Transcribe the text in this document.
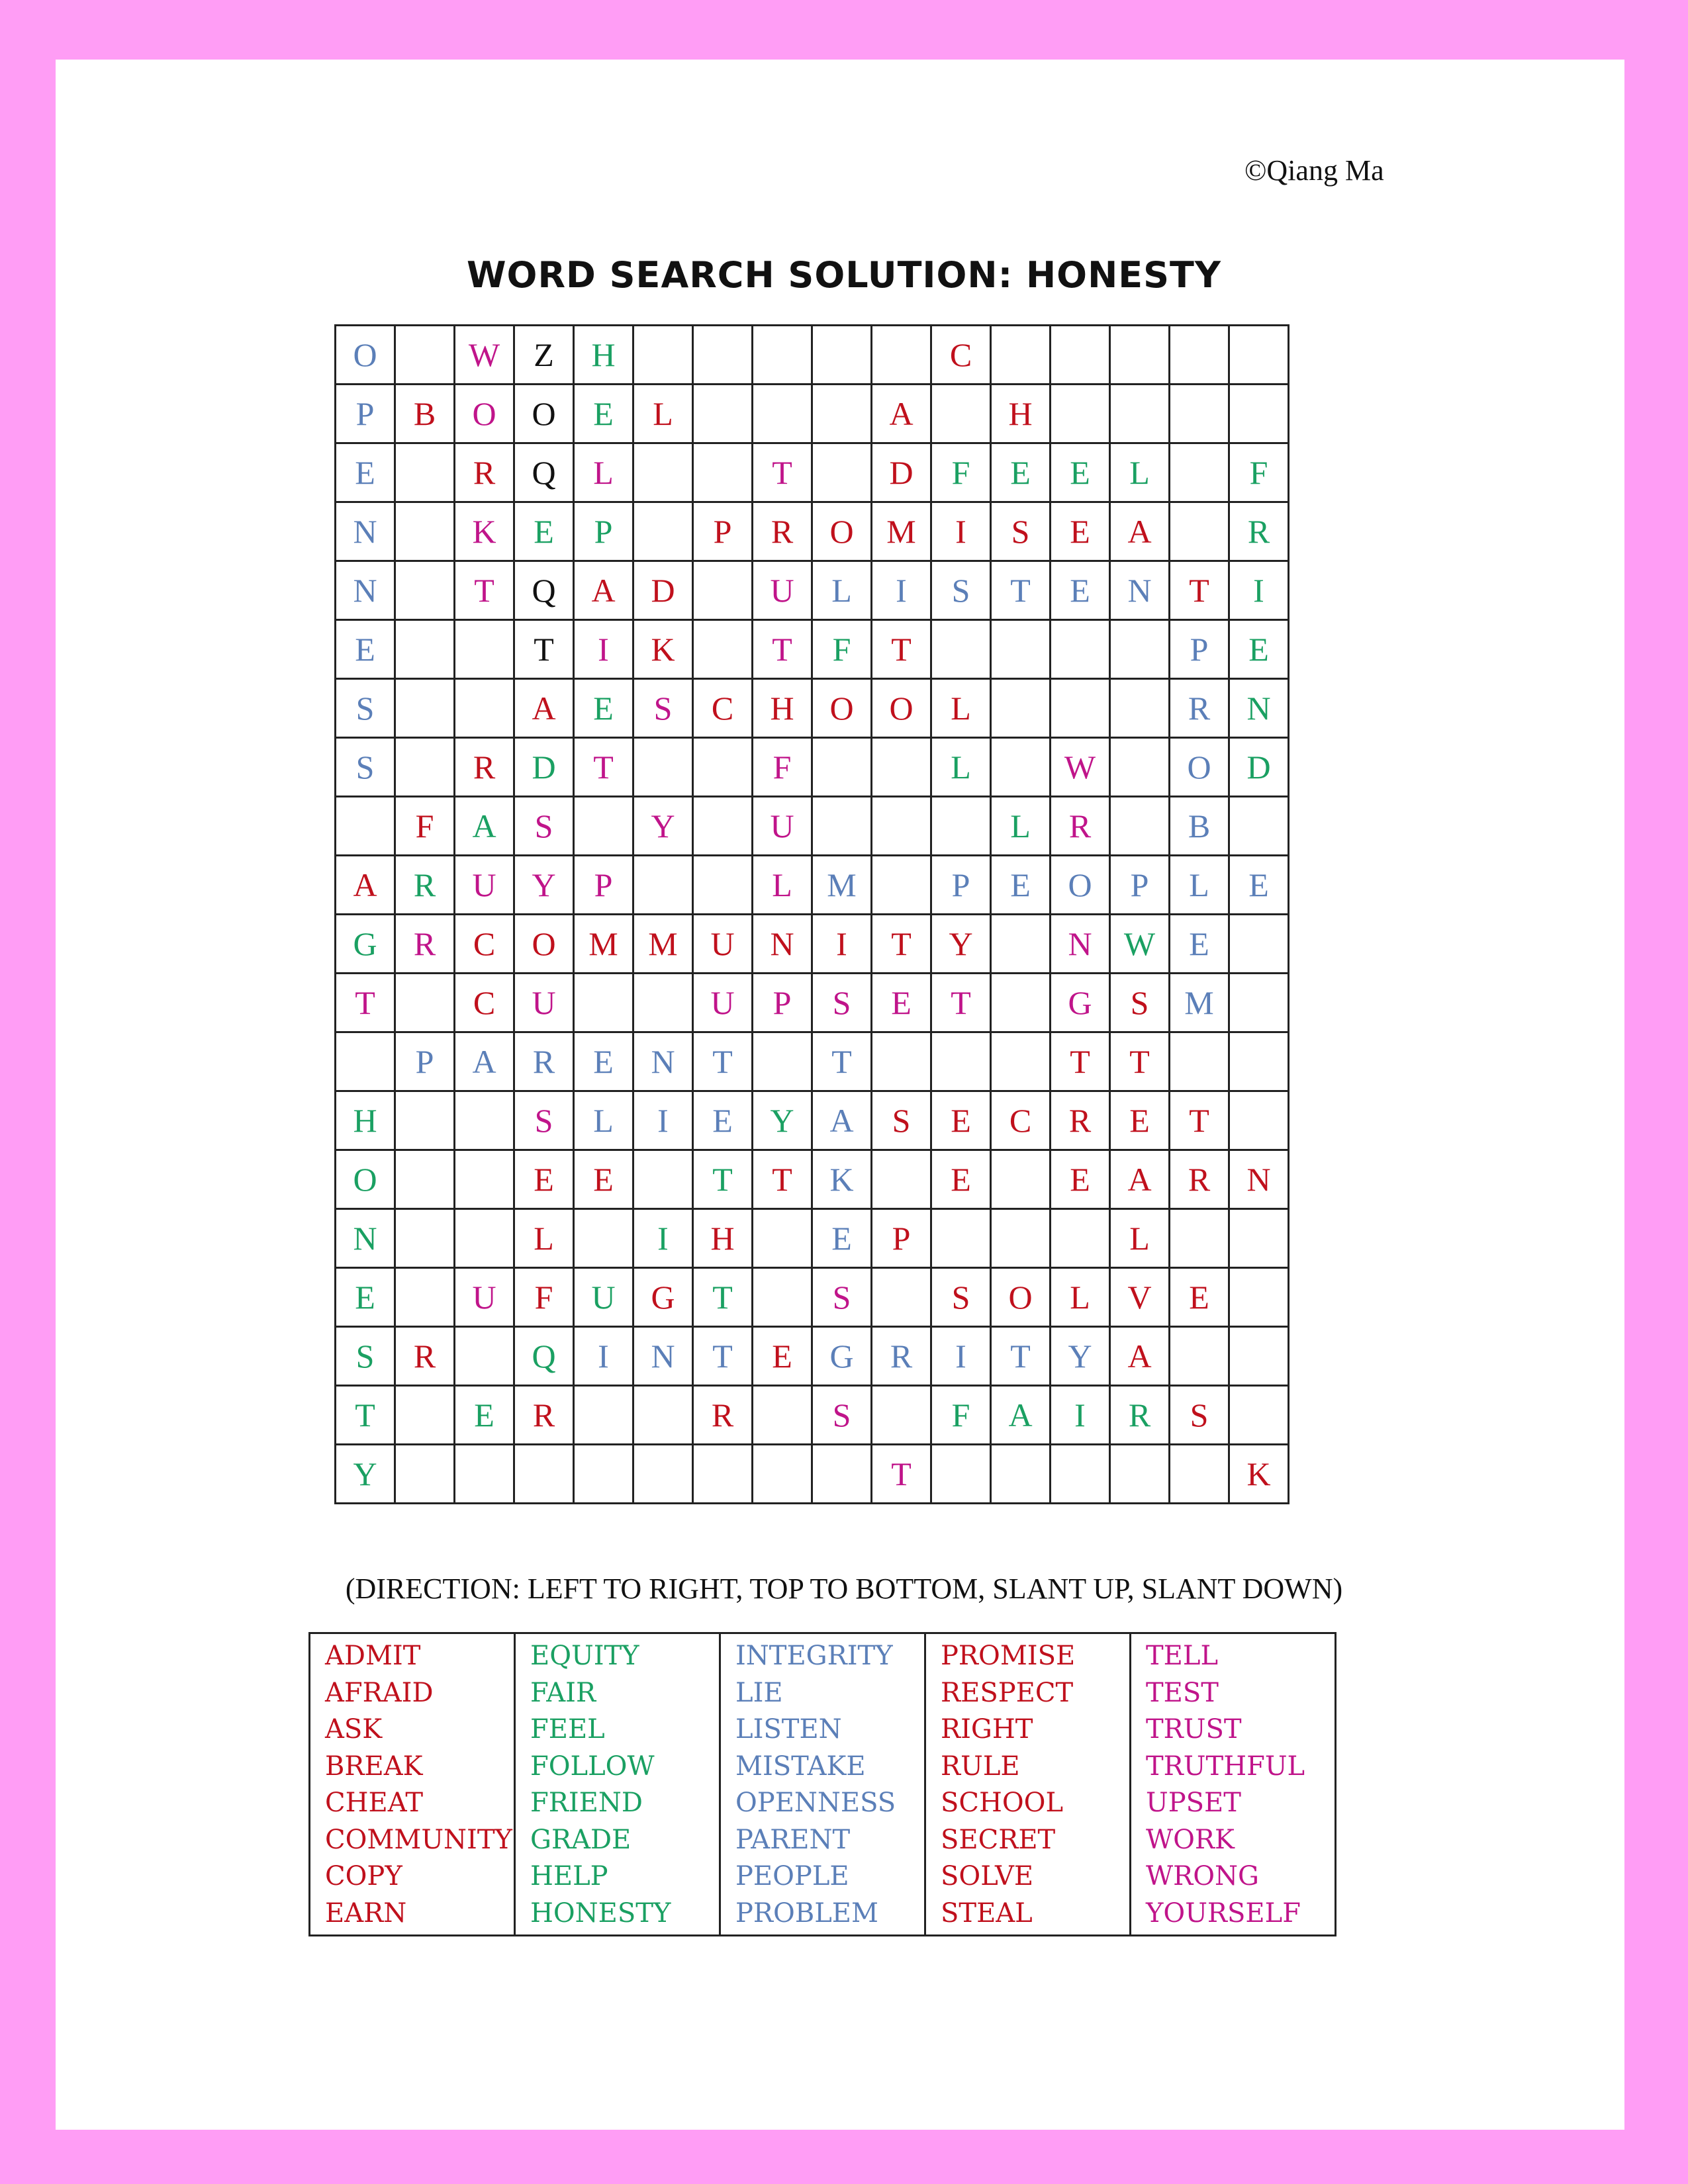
©Qiang Ma
WORD SEARCH SOLUTION: HONESTY
O		W	Z	H						C					
P	B	O	O	E	L				A		H				
E		R	Q	L			T		D	F	E	E	L		F
N		K	E	P		P	R	O	M	I	S	E	A		R
N		T	Q	A	D		U	L	I	S	T	E	N	T	I
E			T	I	K		T	F	T					P	E
S			A	E	S	C	H	O	O	L				R	N
S		R	D	T			F			L		W		O	D
	F	A	S		Y		U				L	R		B	
A	R	U	Y	P			L	M		P	E	O	P	L	E
G	R	C	O	M	M	U	N	I	T	Y		N	W	E	
T		C	U			U	P	S	E	T		G	S	M	
	P	A	R	E	N	T		T				T	T		
H			S	L	I	E	Y	A	S	E	C	R	E	T	
O			E	E		T	T	K		E		E	A	R	N
N			L		I	H		E	P				L		
E		U	F	U	G	T		S		S	O	L	V	E	
S	R		Q	I	N	T	E	G	R	I	T	Y	A		
T		E	R			R		S		F	A	I	R	S	
Y									T						K
(DIRECTION: LEFT TO RIGHT, TOP TO BOTTOM, SLANT UP, SLANT DOWN)
ADMIT
AFRAID
ASK
BREAK
CHEAT
COMMUNITY
COPY
EARN

EQUITY
FAIR
FEEL
FOLLOW
FRIEND
GRADE
HELP
HONESTY

INTEGRITY
LIE
LISTEN
MISTAKE
OPENNESS
PARENT
PEOPLE
PROBLEM

PROMISE
RESPECT
RIGHT
RULE
SCHOOL
SECRET
SOLVE
STEAL

TELL
TEST
TRUST
TRUTHFUL
UPSET
WORK
WRONG
YOURSELF
